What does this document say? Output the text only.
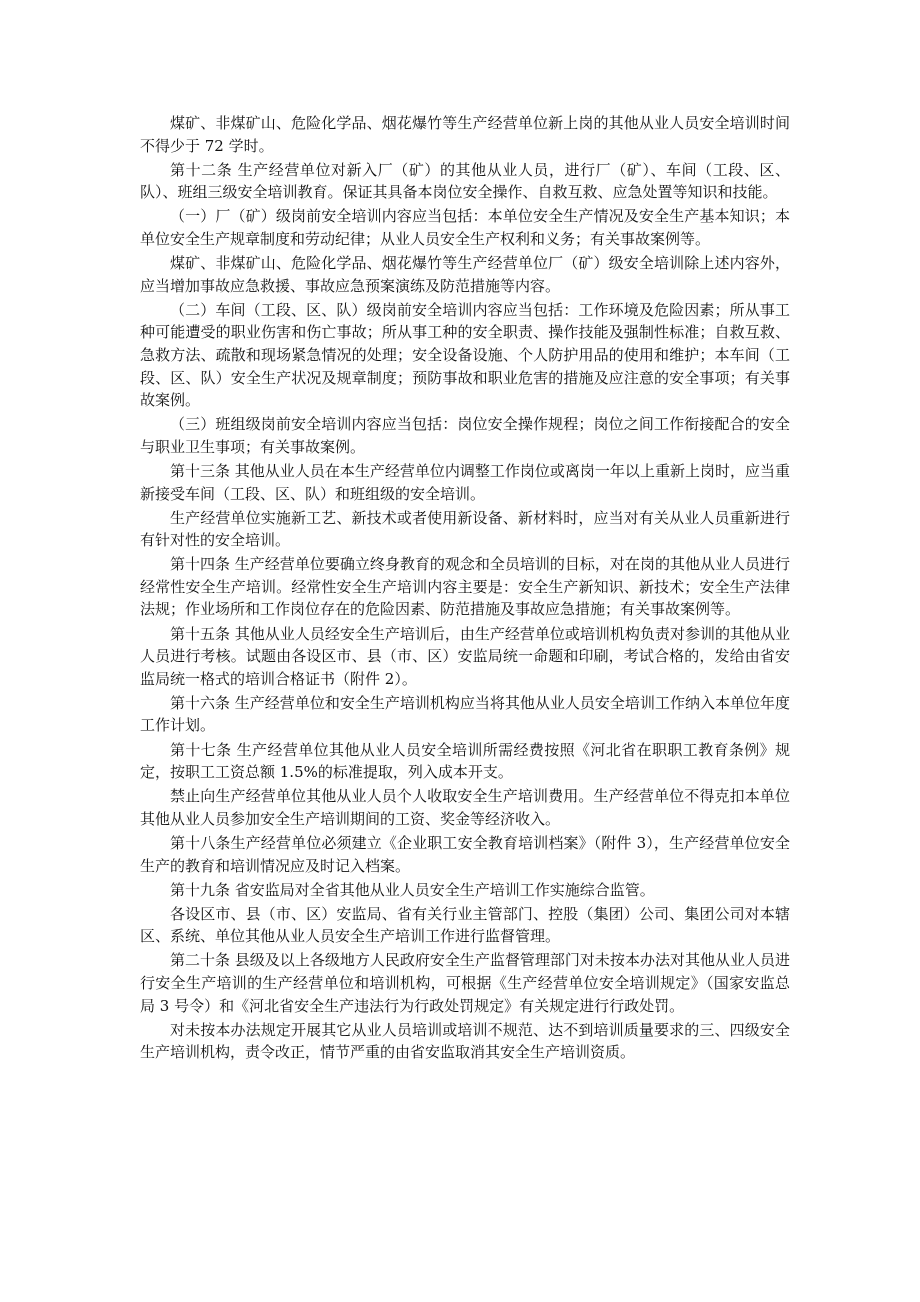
煤矿、非煤矿山、危险化学品、烟花爆竹等生产经营单位新上岗的其他从业人员安全培训时间不得少于 72 学时。

第十二条 生产经营单位对新入厂（矿）的其他从业人员，进行厂（矿）、车间（工段、区、队）、班组三级安全培训教育。保证其具备本岗位安全操作、自救互救、应急处置等知识和技能。

（一）厂（矿）级岗前安全培训内容应当包括：本单位安全生产情况及安全生产基本知识；本单位安全生产规章制度和劳动纪律；从业人员安全生产权利和义务；有关事故案例等。

煤矿、非煤矿山、危险化学品、烟花爆竹等生产经营单位厂（矿）级安全培训除上述内容外，应当增加事故应急救援、事故应急预案演练及防范措施等内容。

（二）车间（工段、区、队）级岗前安全培训内容应当包括：工作环境及危险因素；所从事工种可能遭受的职业伤害和伤亡事故；所从事工种的安全职责、操作技能及强制性标准；自救互救、急救方法、疏散和现场紧急情况的处理；安全设备设施、个人防护用品的使用和维护；本车间（工段、区、队）安全生产状况及规章制度；预防事故和职业危害的措施及应注意的安全事项；有关事故案例。

（三）班组级岗前安全培训内容应当包括：岗位安全操作规程；岗位之间工作衔接配合的安全与职业卫生事项；有关事故案例。

第十三条 其他从业人员在本生产经营单位内调整工作岗位或离岗一年以上重新上岗时，应当重新接受车间（工段、区、队）和班组级的安全培训。

生产经营单位实施新工艺、新技术或者使用新设备、新材料时，应当对有关从业人员重新进行有针对性的安全培训。

第十四条 生产经营单位要确立终身教育的观念和全员培训的目标，对在岗的其他从业人员进行经常性安全生产培训。经常性安全生产培训内容主要是：安全生产新知识、新技术；安全生产法律法规；作业场所和工作岗位存在的危险因素、防范措施及事故应急措施；有关事故案例等。

第十五条 其他从业人员经安全生产培训后，由生产经营单位或培训机构负责对参训的其他从业人员进行考核。试题由各设区市、县（市、区）安监局统一命题和印刷，考试合格的，发给由省安监局统一格式的培训合格证书（附件 2）。

第十六条 生产经营单位和安全生产培训机构应当将其他从业人员安全培训工作纳入本单位年度工作计划。

第十七条 生产经营单位其他从业人员安全培训所需经费按照《河北省在职职工教育条例》规定，按职工工资总额 1.5%的标准提取，列入成本开支。

禁止向生产经营单位其他从业人员个人收取安全生产培训费用。生产经营单位不得克扣本单位其他从业人员参加安全生产培训期间的工资、奖金等经济收入。

第十八条生产经营单位必须建立《企业职工安全教育培训档案》（附件 3），生产经营单位安全生产的教育和培训情况应及时记入档案。

第十九条 省安监局对全省其他从业人员安全生产培训工作实施综合监管。

各设区市、县（市、区）安监局、省有关行业主管部门、控股（集团）公司、集团公司对本辖区、系统、单位其他从业人员安全生产培训工作进行监督管理。

第二十条 县级及以上各级地方人民政府安全生产监督管理部门对未按本办法对其他从业人员进行安全生产培训的生产经营单位和培训机构，可根据《生产经营单位安全培训规定》（国家安监总局 3 号令）和《河北省安全生产违法行为行政处罚规定》有关规定进行行政处罚。

对未按本办法规定开展其它从业人员培训或培训不规范、达不到培训质量要求的三、四级安全生产培训机构，责令改正，情节严重的由省安监取消其安全生产培训资质。
